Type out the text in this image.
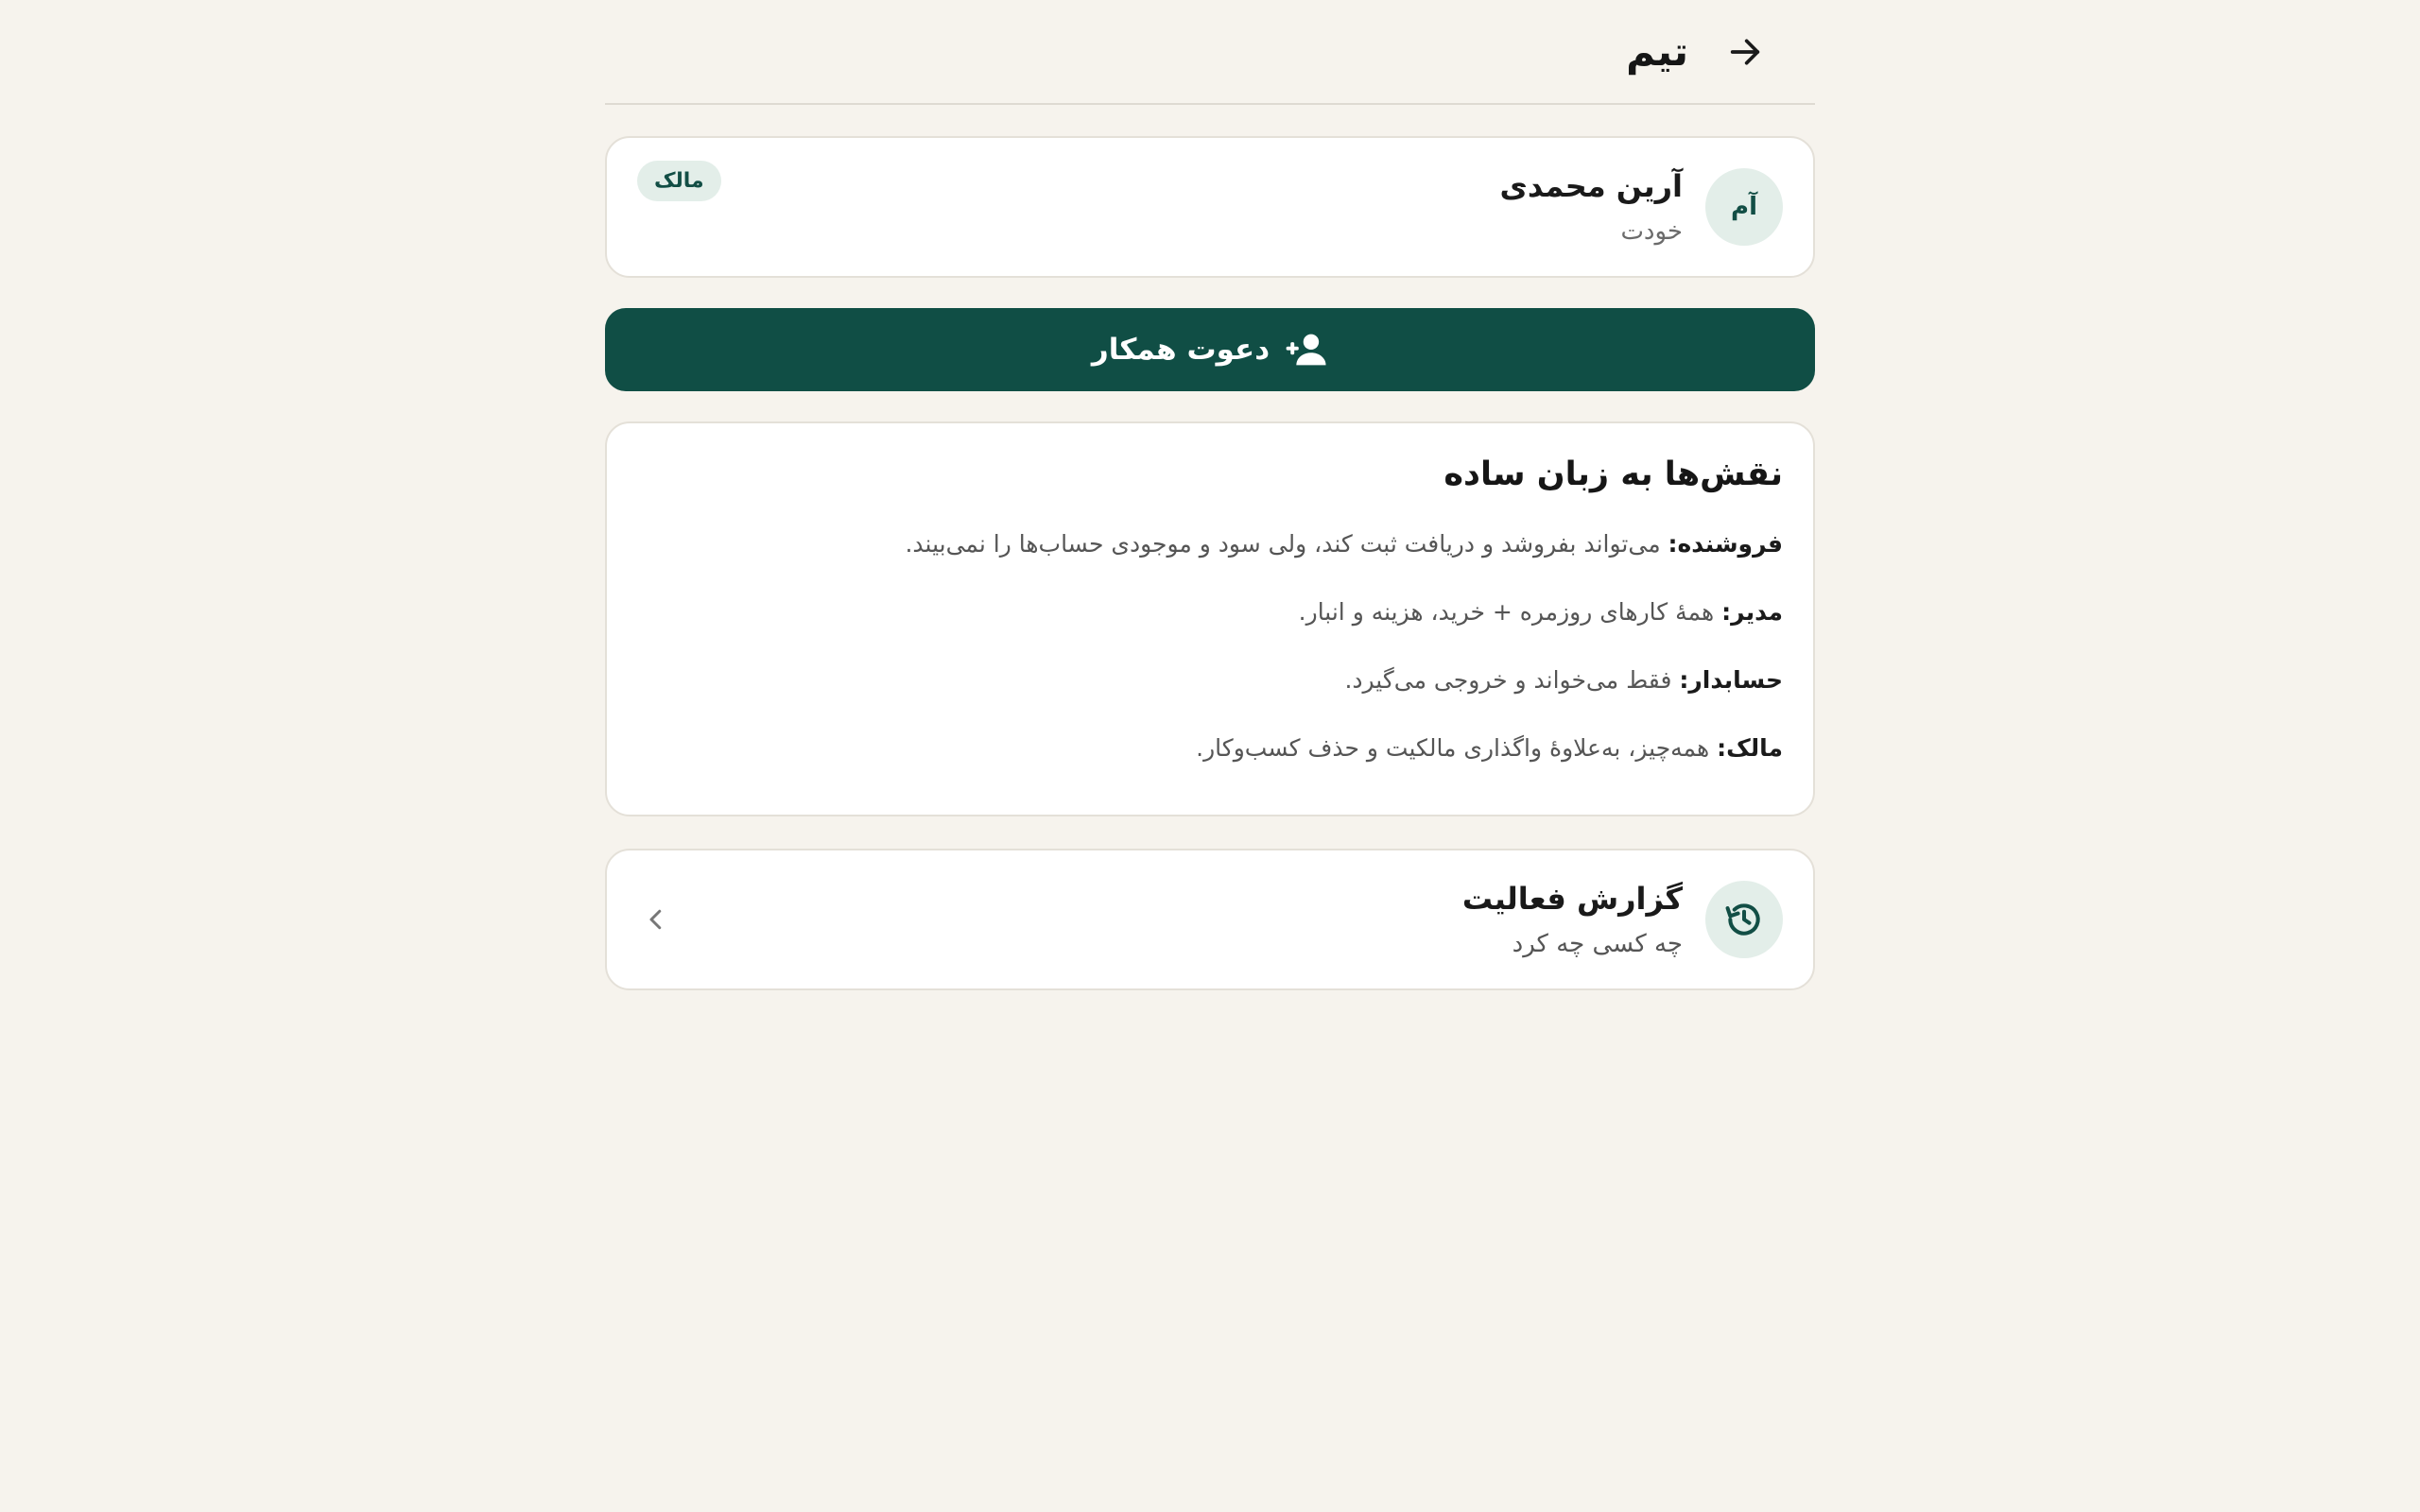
تیم
آم
آرین محمدی
خودت
مالک
دعوت همکار
نقش‌ها به زبان ساده
فروشنده: می‌تواند بفروشد و دریافت ثبت کند، ولی سود و موجودی حساب‌ها را نمی‌بیند.
مدیر: همهٔ کارهای روزمره + خرید، هزینه و انبار.
حسابدار: فقط می‌خواند و خروجی می‌گیرد.
مالک: همه‌چیز، به‌علاوهٔ واگذاری مالکیت و حذف کسب‌وکار.
گزارش فعالیت
چه کسی چه کرد
